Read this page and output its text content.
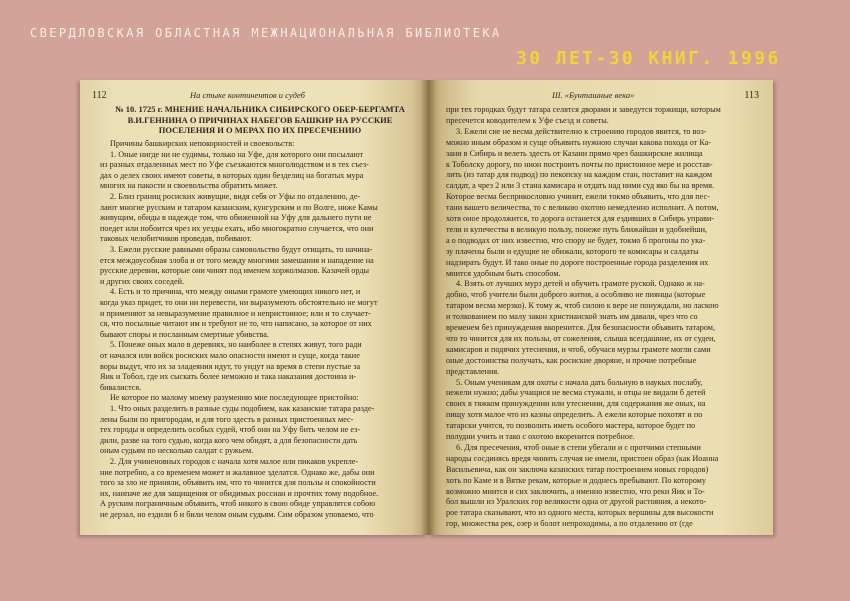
СВЕРДЛОВСКАЯ ОБЛАСТНАЯ МЕЖНАЦИОНАЛЬНАЯ БИБЛИОТЕКА
30 ЛЕТ-30 КНИГ. 1996
112	На стыке континентов и судеб
№ 10. 1725 г. МНЕНИЕ НАЧАЛЬНИКА СИБИРСКОГО ОБЕР-БЕРГАМТА В.И.ГЕННИНА О ПРИЧИНАХ НАБЕГОВ БАШКИР НА РУССКИЕ ПОСЕЛЕНИЯ И О МЕРАХ ПО ИХ ПРЕСЕЧЕНИЮ
Причины башкирских непокорностей и своевольств:
1. Оные нигде ни не судимы, только на Уфе, для которого они посылают
из разных отдаленных мест по Уфе съезжаются многолюдством и в тех съез-
дах о делех своих имеют советы, в которых один безделиц на богатых мура
многих на пакости и своевольства обратить может.
2. Близ границ росиских живущие, видя себя от Уфы по отдалению, де-
лают многие русским и татаром казанским, кунгурским и по Волге, ниже Камы
живущим, обиды в надежде том, что обиженной на Уфу для дальнего пути не
поедет или побоится чрез их уезды ехать, ибо многократно случается, что они
таковых челобитчиков проведав, побивают.
3. Ежели русские равными образы самовольство будут отищать, то начина-
ется междоусобная злоба и от того между многими замешания и нападение на
русские деревни, которые они чинят под именем хоржолмазов. Казачей орды
и других своих соседей.
4. Есть и то причина, что между оными грамоте умеющих никого нет, и
когда указ придет, то они ни перевести, ни выразумеють обстоятельно не могут
и применяют за невыразумение правилное и непристоиное; или и то случает-
ся, что посылные читают им и требуют не то, что написано, за которое от них
бывают споры и посланным смертные убивства.
5. Понеже оных мало в деревнях, но наиболее в степях живут, того ради
от начался или войск росиских мало опасности имеют и суще, когда такие
воры выдут, что их за зладеяния идут, то уидут на время в степи пустые за
Яик и Тобол, где их сыскать более неможно и така наказания достоина и-
бивалистся.
Не которое по малому моему разумению мне последующее пристойно:
1. Что оных разделить в разные суды подобием, как казанские татара разде-
лены были по пригородам, и для того здесть в разных пристоенных мес-
тех городы и определить особых судей, чтоб они на Уфу бить челом не ез-
дили, разве на того судью, когда кого чем обидят, а для безопасности дать
оным судьям по несколько салдат с ружьем.
2. Для учиненовных городов с начала хотя малое или пикаков укрепле-
ние потребно, а со временем может и жалавное зделатся. Однако же, дабы они
того за зло не приняли, объявить им, что то чинится для пользы и спокойности
их, наипаче же для защищения от обидимых россиан и прочтих тому подобное.
А руским пограничным объявить, чтоб никого в свою обиде управлятся собою
не дерзал, но ездили б и били челом оным судьям. Сим образом уповаемо, что
113
III. «Бунташные века»
при тех городках будут татара селятся дворами и заведутся торжищи, которым
пресечется ководителем к Уфе съезд и советы.
3. Ежели сие не весма действително к строению городов явится, то воз-
можно иным образом и суще объявить нужною случаи какова похода от Ка-
зани в Сибирь и велеть здесть от Казани прямо чрез башкирские жилища
к Тоболску дорогу, по нион построить почты по пристоиное мере и росстав-
лить (из татар для подвод) по пекопску на каждом стан, поставит на каждом
салдат, а чрез 2 или 3 стана камисара и отдать над ними суд яко бы на время.
Которое весма бесприкословно учинит, ежели токмо объявить, что для пес-
тани вашего величества, то с великою охотою немедленно исполнит. А потом,
хотя оное продолжится, то дорога останется для ездивших в Сибирь управи-
тели и купечества в великую пользу, понеже путь ближайши и удобнейши,
а о подводах от них известно, что спору не будет, токмо б прогоны по ука-
зу плачены были и едущие не обижали, которого те комисары и салдаты
надзирать будут. И тако оные по дороге построенные города разделения их
мнится удобным быть способом.
4. Взять от лучших мурз детей и обучить грамоте руской. Однако ж на-
добно, чтоб учители были доброго жития, а особливо не пиянцы (которые
татаром весма мерзко). К тому ж, чтоб силою к вере не понуждали, но ласкою
и толкованием по малу закон христианской знать им давали, чрез что со
временем без принуждения вкоренится. Для безопасности объявить татаром,
что то чинится для их пользы, от сожеления, слыша всегдашние, их от судеи,
камисаров и подячих утеснения, и чтоб, обучася мурзы грамоте могли сами
оные достоинства получать, как росиские дворяне, и прочие потребные
представления.
5. Оным ученикам для охоты с начала дать больную в наукых послабу,
нежели нужно; дабы учащися не весма стужали, и отцы не видали б детей
своих в тяжком принуждении или утеснении, для содержания же оных, на
пищу хотя малое что из казны определить. А ежели которые похотят и по
татарски учится, то позволить иметь особого мастера, которое будет по
полудни учить и тако с охотою вкоренится потребное.
6. Для пресечения, чтоб оные в степи убегали и с протчими степными
народы сосдинясь вредя чинить случая не имели, пристоен образ (как Иоанна
Васильевича, как он заключа казанских татар построением новых городов)
хоть по Каме и в Вятке рекам, которые и доднесь пребывают. По которому
возможно мнится и сих заключить, а именно известно, что реки Яик и То-
бол вышли из Уралских гор великости одна от другой растояния, а некото-
рое татара сказывают, что из одного места, которых вершины для высокости
гор, множества рек, озер и болот непроходимы, а по отдалению от (где
